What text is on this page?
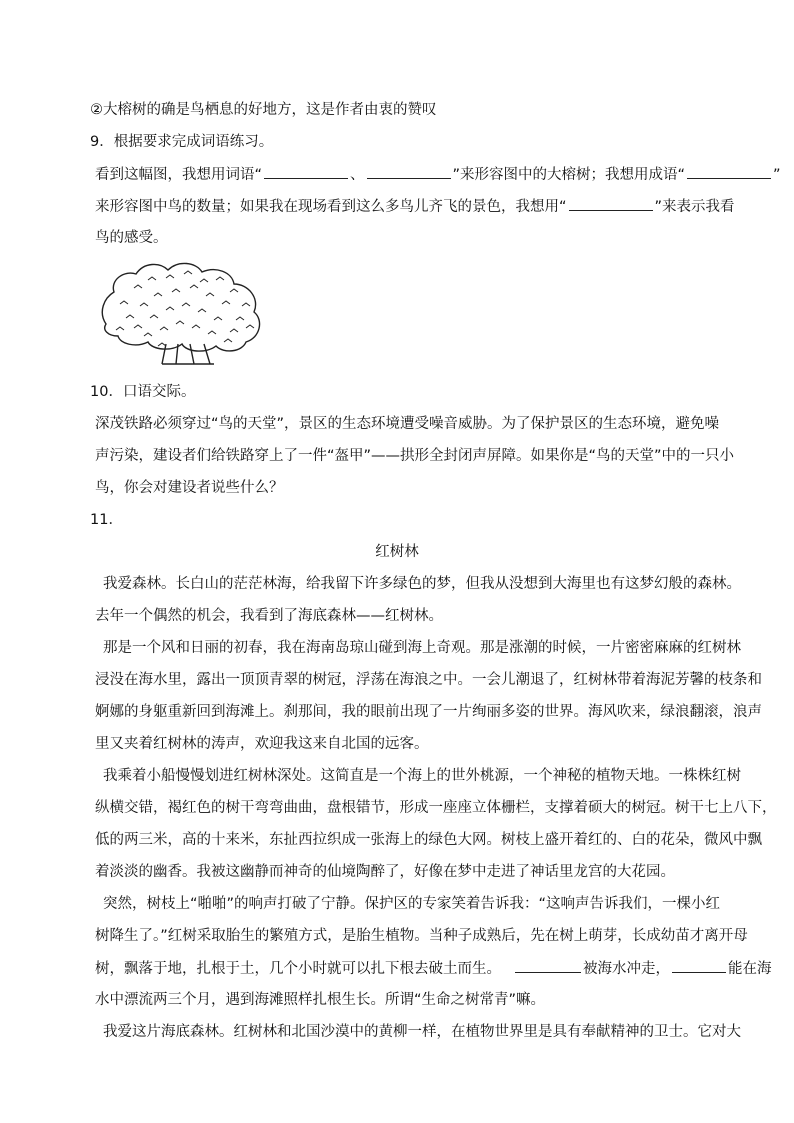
②大榕树的确是鸟栖息的好地方，这是作者由衷的赞叹
9．根据要求完成词语练习。
看到这幅图，我想用词语“	、	”来形容图中的大榕树；我想用成语“	”
来形容图中鸟的数量；如果我在现场看到这么多鸟儿齐飞的景色，我想用“	”来表示我看
鸟的感受。
10．口语交际。
深茂铁路必须穿过“鸟的天堂”，景区的生态环境遭受噪音威胁。为了保护景区的生态环境，避免噪
声污染，建设者们给铁路穿上了一件“盔甲”——拱形全封闭声屏障。如果你是“鸟的天堂”中的一只小
鸟，你会对建设者说些什么？
11．
红树林
我爱森林。长白山的茫茫林海，给我留下许多绿色的梦，但我从没想到大海里也有这梦幻般的森林。
去年一个偶然的机会，我看到了海底森林——红树林。
那是一个风和日丽的初春，我在海南岛琼山碰到海上奇观。那是涨潮的时候，一片密密麻麻的红树林
浸没在海水里，露出一顶顶青翠的树冠，浮荡在海浪之中。一会儿潮退了，红树林带着海泥芳馨的枝条和
婀娜的身躯重新回到海滩上。刹那间，我的眼前出现了一片绚丽多姿的世界。海风吹来，绿浪翻滚，浪声
里又夹着红树林的涛声，欢迎我这来自北国的远客。
我乘着小船慢慢划进红树林深处。这简直是一个海上的世外桃源，一个神秘的植物天地。一株株红树
纵横交错，褐红色的树干弯弯曲曲，盘根错节，形成一座座立体栅栏，支撑着硕大的树冠。树干七上八下，
低的两三米，高的十来米，东扯西拉织成一张海上的绿色大网。树枝上盛开着红的、白的花朵，微风中飘
着淡淡的幽香。我被这幽静而神奇的仙境陶醉了，好像在梦中走进了神话里龙宫的大花园。
突然，树枝上“啪啪”的响声打破了宁静。保护区的专家笑着告诉我：“这响声告诉我们，一棵小红
树降生了。”红树采取胎生的繁殖方式，是胎生植物。当种子成熟后，先在树上萌芽，长成幼苗才离开母
树，飘落于地，扎根于土，几个小时就可以扎下根去破土而生。	被海水冲走，	能在海
水中漂流两三个月，遇到海滩照样扎根生长。所谓“生命之树常青”嘛。
我爱这片海底森林。红树林和北国沙漠中的黄柳一样，在植物世界里是具有奉献精神的卫士。它对大
